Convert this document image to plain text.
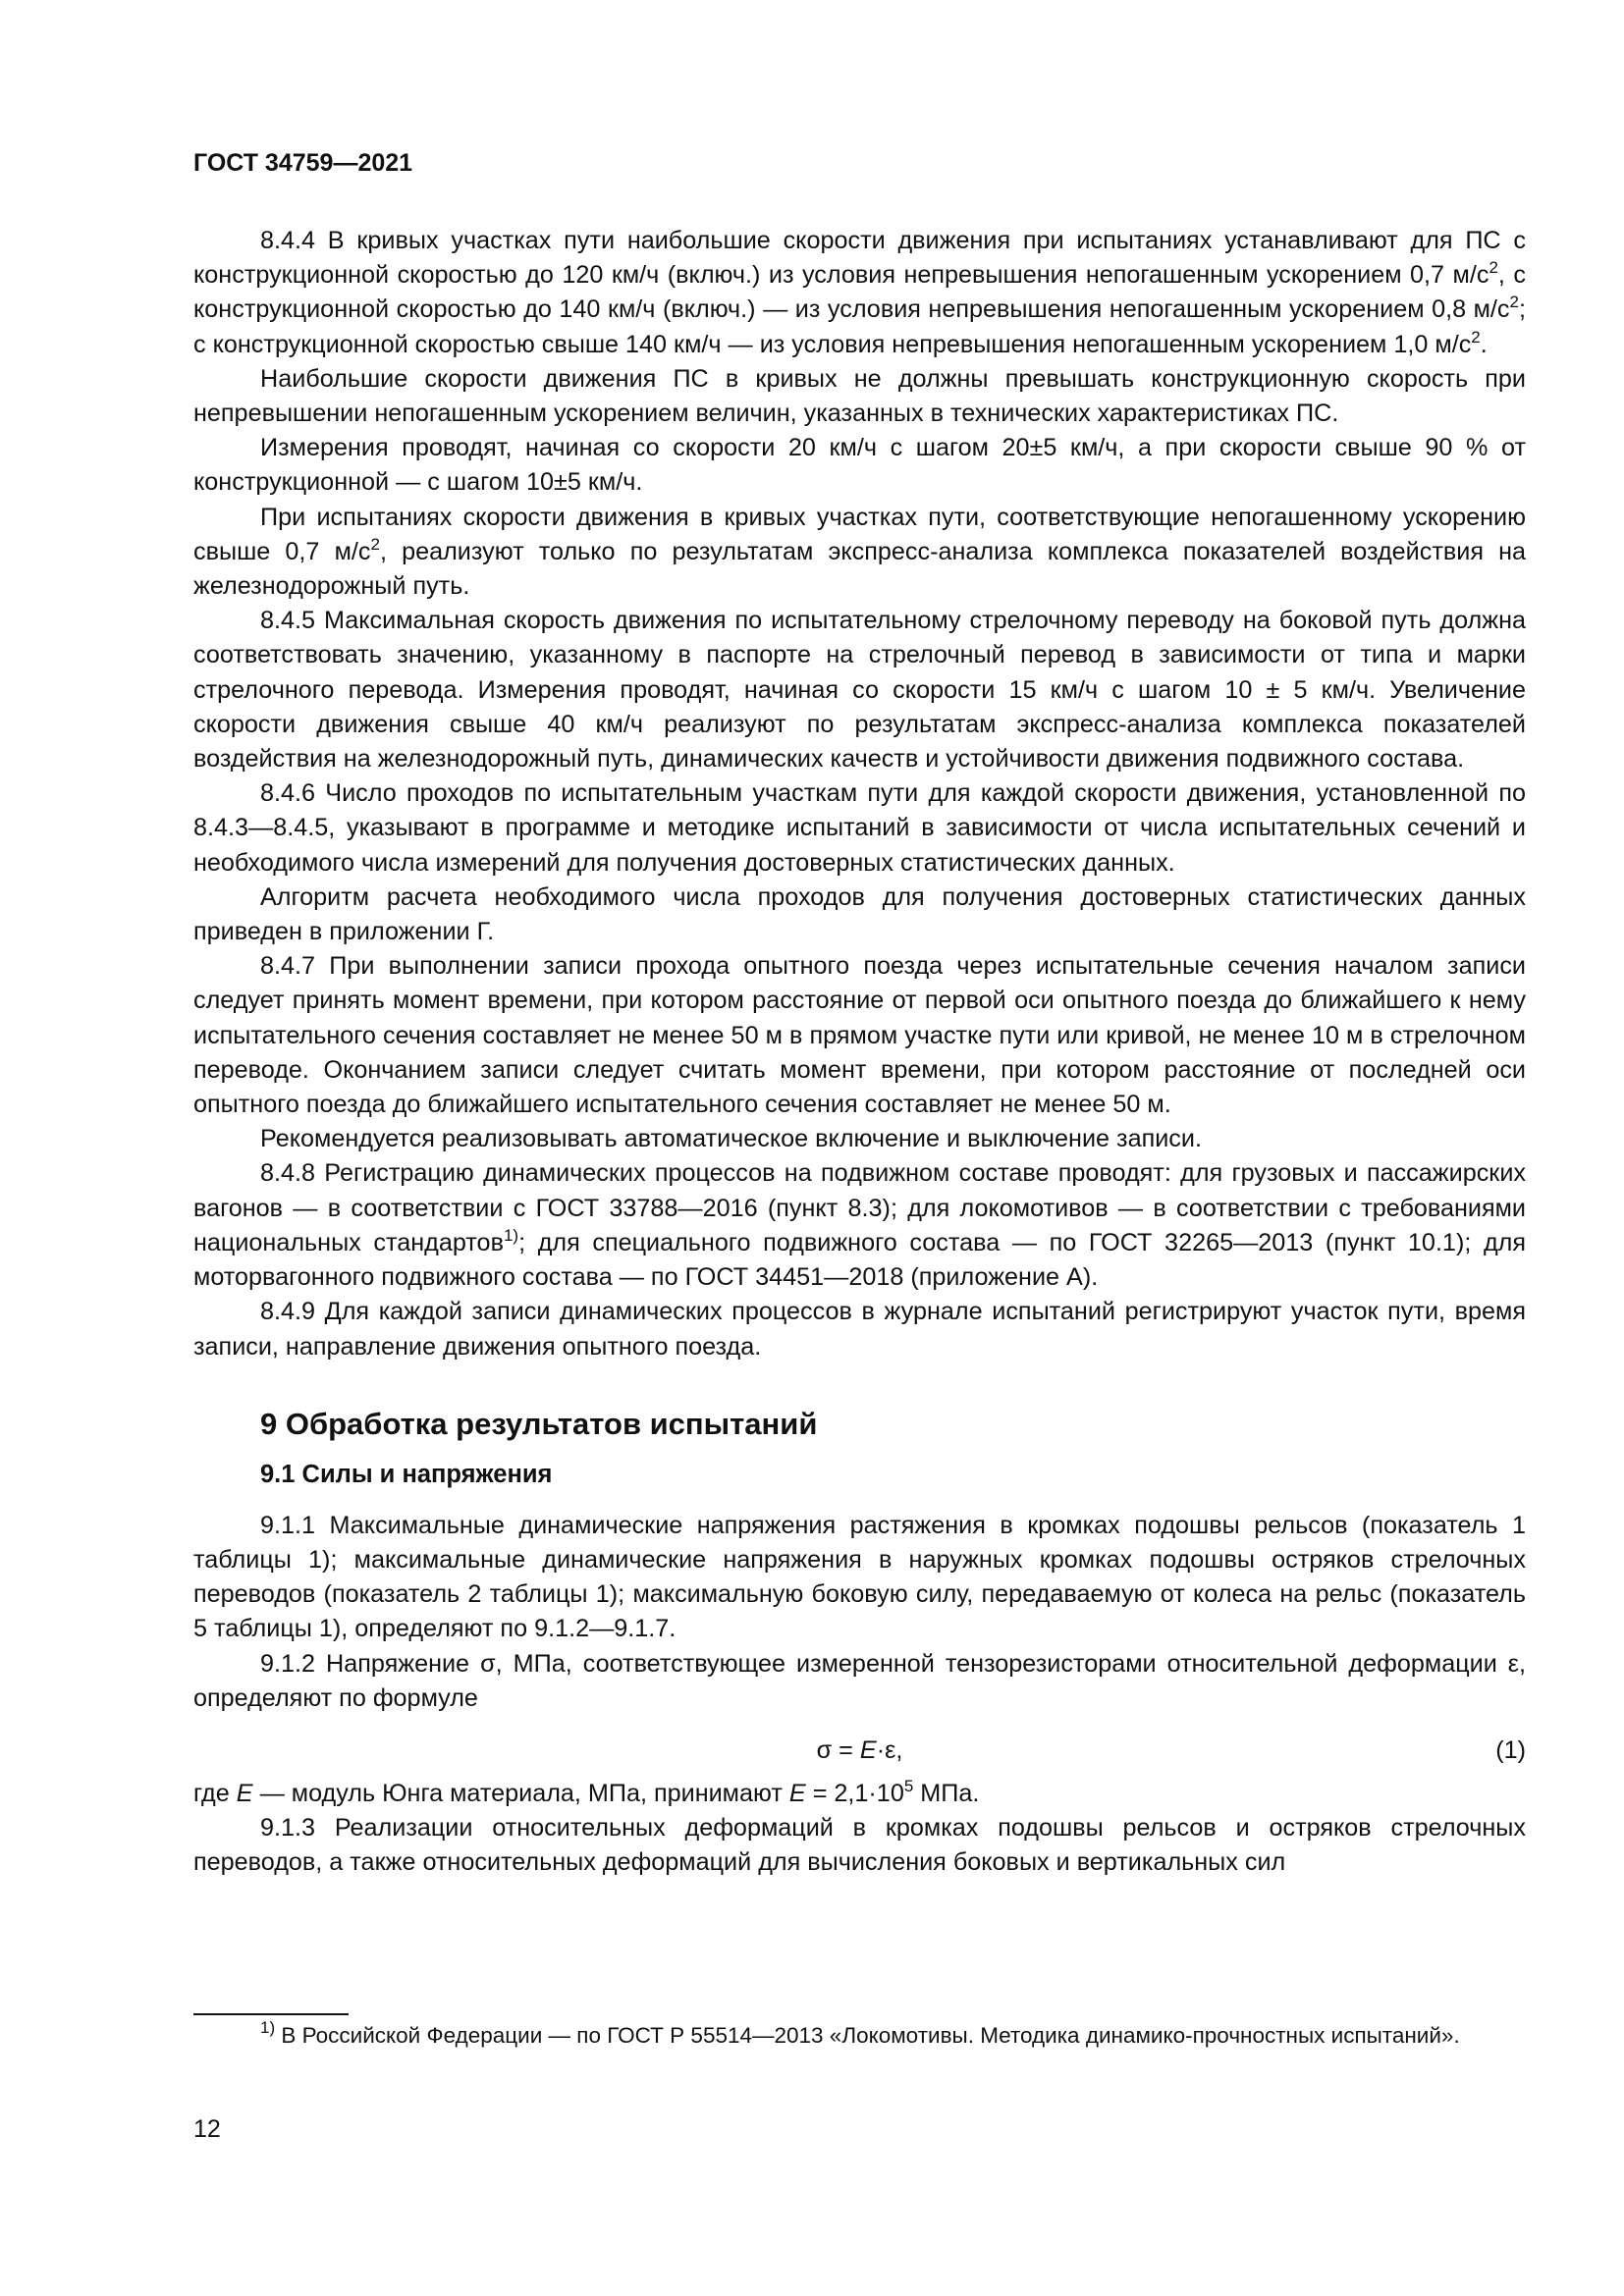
ГОСТ 34759—2021

8.4.4 В кривых участках пути наибольшие скорости движения при испытаниях устанавливают для ПС с конструкционной скоростью до 120 км/ч (включ.) из условия непревышения непогашенным ускорением 0,7 $м/с^2$, с конструкционной скоростью до 140 км/ч (включ.) — из условия непревышения непогашенным ускорением 0,8 $м/с^2$; с конструкционной скоростью свыше 140 км/ч — из условия непревышения непогашенным ускорением 1,0 $м/с^2$.

Наибольшие скорости движения ПС в кривых не должны превышать конструкционную скорость при непревышении непогашенным ускорением величин, указанных в технических характеристиках ПС.

Измерения проводят, начиная со скорости 20 км/ч с шагом 20±5 км/ч, а при скорости свыше 90 % от конструкционной — с шагом 10±5 км/ч.

При испытаниях скорости движения в кривых участках пути, соответствующие непогашенному ускорению свыше 0,7 $м/с^2$, реализуют только по результатам экспресс-анализа комплекса показателей воздействия на железнодорожный путь.

8.4.5 Максимальная скорость движения по испытательному стрелочному переводу на боковой путь должна соответствовать значению, указанному в паспорте на стрелочный перевод в зависимости от типа и марки стрелочного перевода. Измерения проводят, начиная со скорости 15 км/ч с шагом 10 ± 5 км/ч. Увеличение скорости движения свыше 40 км/ч реализуют по результатам экспресс-анализа комплекса показателей воздействия на железнодорожный путь, динамических качеств и устойчивости движения подвижного состава.

8.4.6 Число проходов по испытательным участкам пути для каждой скорости движения, установленной по 8.4.3—8.4.5, указывают в программе и методике испытаний в зависимости от числа испытательных сечений и необходимого числа измерений для получения достоверных статистических данных.

Алгоритм расчета необходимого числа проходов для получения достоверных статистических данных приведен в приложении Г.

8.4.7 При выполнении записи прохода опытного поезда через испытательные сечения началом записи следует принять момент времени, при котором расстояние от первой оси опытного поезда до ближайшего к нему испытательного сечения составляет не менее 50 м в прямом участке пути или кривой, не менее 10 м в стрелочном переводе. Окончанием записи следует считать момент времени, при котором расстояние от последней оси опытного поезда до ближайшего испытательного сечения составляет не менее 50 м.

Рекомендуется реализовывать автоматическое включение и выключение записи.

8.4.8 Регистрацию динамических процессов на подвижном составе проводят: для грузовых и пассажирских вагонов — в соответствии с ГОСТ 33788—2016 (пункт 8.3); для локомотивов — в соответствии с требованиями национальных стандартов$^{1)}$; для специального подвижного состава — по ГОСТ 32265—2013 (пункт 10.1); для моторвагонного подвижного состава — по ГОСТ 34451—2018 (приложение А).

8.4.9 Для каждой записи динамических процессов в журнале испытаний регистрируют участок пути, время записи, направление движения опытного поезда.

9 Обработка результатов испытаний
9.1 Силы и напряжения

9.1.1 Максимальные динамические напряжения растяжения в кромках подошвы рельсов (показатель 1 таблицы 1); максимальные динамические напряжения в наружных кромках подошвы остряков стрелочных переводов (показатель 2 таблицы 1); максимальную боковую силу, передаваемую от колеса на рельс (показатель 5 таблицы 1), определяют по 9.1.2—9.1.7.

9.1.2 Напряжение σ, МПа, соответствующее измеренной тензорезисторами относительной деформации ε, определяют по формуле

σ = E·ε,	(1)

где E — модуль Юнга материала, МПа, принимают $E = 2,1\cdot 10^5$ МПа.

9.1.3 Реализации относительных деформаций в кромках подошвы рельсов и остряков стрелочных переводов, а также относительных деформаций для вычисления боковых и вертикальных сил

$^{1)}$ В Российской Федерации — по ГОСТ Р 55514—2013 «Локомотивы. Методика динамико-прочностных испытаний».

12
